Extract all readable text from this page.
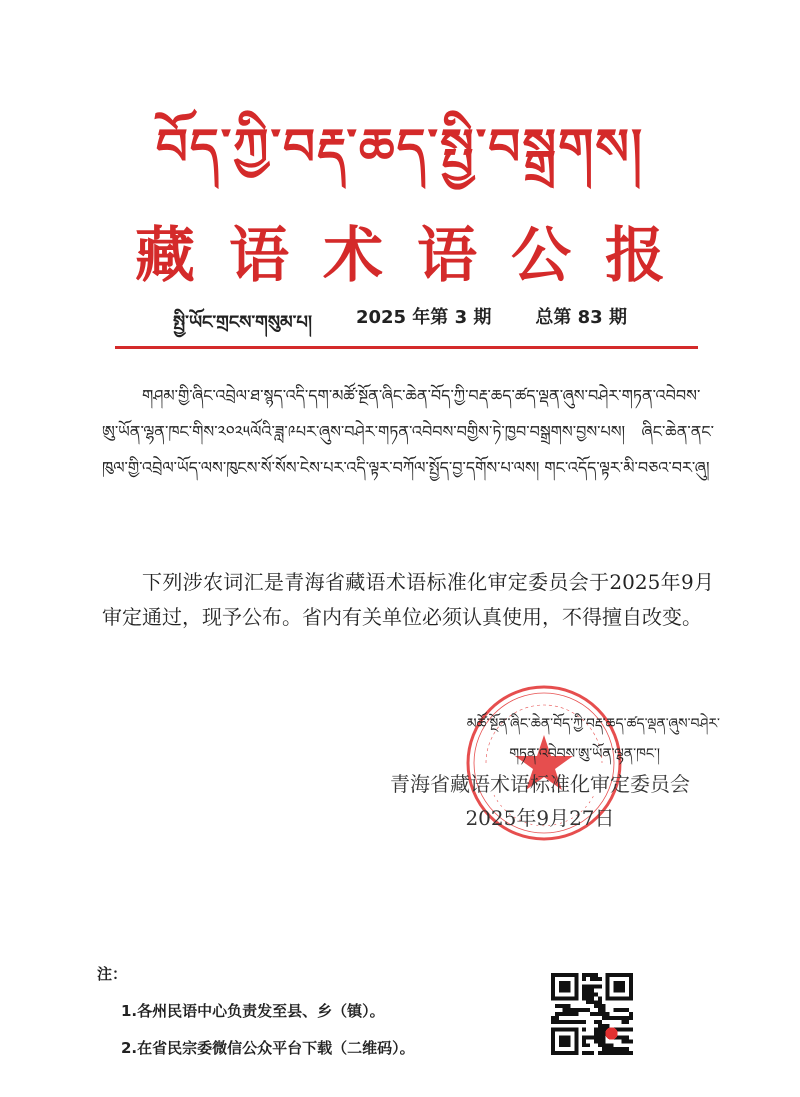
བོད་ཀྱི་བརྡ་ཆད་སྤྱི་བསྒྲགས།
藏语术语公报
སྤྱི་ཡོང་གྲངས་གསུམ་པ། 2025 年第 3 期 总第 83 期
གཤམ་གྱི་ཞིང་འབྲེལ་ཐ་སྙད་འདི་དག་མཚོ་སྔོན་ཞིང་ཆེན་བོད་ཀྱི་བརྡ་ཆད་ཚད་ལྡན་ཞུས་བཤེར་གཏན་འབེབས་ཨུ་ཡོན་ལྷན་ཁང་གིས་༢༠༢༥ལོའི་ཟླ་༩པར་ཞུས་བཤེར་གཏན་འབེབས་བགྱིས་ཏེ་ཁྱབ་བསྒྲགས་བྱས་པས། ཞིང་ཆེན་ནང་ཁུལ་གྱི་འབྲེལ་ཡོད་ལས་ཁུངས་སོ་སོས་ངེས་པར་འདི་ལྟར་བཀོལ་སྤྱོད་བྱ་དགོས་པ་ལས། གང་འདོད་ལྟར་མི་བཅའ་བར་ཞུ།
下列涉农词汇是青海省藏语术语标准化审定委员会于2025年9月审定通过，现予公布。省内有关单位必须认真使用，不得擅自改变。
མཚོ་སྔོན་ཞིང་ཆེན་བོད་ཀྱི་བརྡ་ཆད་ཚད་ལྡན་ཞུས་བཤེར་
གཏན་འབེབས་ཨུ་ཡོན་ལྷན་ཁང་།
青海省藏语术语标准化审定委员会
2025年9月27日
注：
1.各州民语中心负责发至县、乡（镇）。
2.在省民宗委微信公众平台下载（二维码）。
